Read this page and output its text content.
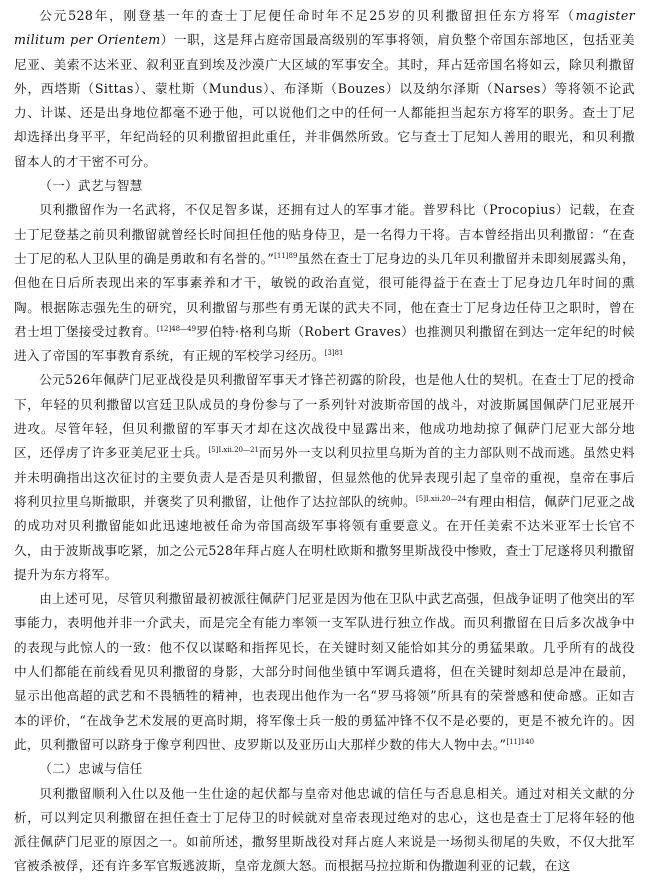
公元528年，刚登基一年的查士丁尼便任命时年不足25岁的贝利撒留担任东方将军（magister militum per Orientem）一职，这是拜占庭帝国最高级别的军事将领，肩负整个帝国东部地区，包括亚美尼亚、美索不达米亚、叙利亚直到埃及沙漠广大区域的军事安全。其时，拜占廷帝国名将如云，除贝利撒留外，西塔斯（Sittas）、蒙杜斯（Mundus）、布泽斯（Bouzes）以及纳尔泽斯（Narses）等将领不论武力、计谋、还是出身地位都毫不逊于他，可以说他们之中的任何一人都能担当起东方将军的职务。查士丁尼却选择出身平平，年纪尚轻的贝利撒留担此重任，并非偶然所致。它与查士丁尼知人善用的眼光，和贝利撒留本人的才干密不可分。

（一）武艺与智慧

贝利撒留作为一名武将，不仅足智多谋，还拥有过人的军事才能。普罗科比（Procopius）记载，在查士丁尼登基之前贝利撒留就曾经长时间担任他的贴身侍卫，是一名得力干将。吉本曾经指出贝利撒留：“在查士丁尼的私人卫队里的确是勇敢和有名誉的。”$^{[11]89}$虽然在查士丁尼身边的头几年贝利撒留并未即刻展露头角，但他在日后所表现出来的军事素养和才干，敏锐的政治直觉，很可能得益于在查士丁尼身边几年时间的熏陶。根据陈志强先生的研究，贝利撒留与那些有勇无谋的武夫不同，他在查士丁尼身边任侍卫之职时，曾在君士坦丁堡接受过教育。$^{[12]48—49}$罗伯特·格利乌斯（Robert Graves）也推测贝利撒留在到达一定年纪的时候进入了帝国的军事教育系统，有正规的军校学习经历。$^{[3]81}$

公元526年佩萨门尼亚战役是贝利撒留军事天才锋芒初露的阶段，也是他人仕的契机。在查士丁尼的授命下，年轻的贝利撒留以宫廷卫队成员的身份参与了一系列针对波斯帝国的战斗，对波斯属国佩萨门尼亚展开进攻。尽管年轻，但贝利撒留的军事天才却在这次战役中显露出来，他成功地劫掠了佩萨门尼亚大部分地区，还俘虏了许多亚美尼亚士兵。$^{[5]I.xii.20—21}$而另外一支以利贝拉里乌斯为首的主力部队则不战而逃。虽然史料并未明确指出这次征讨的主要负责人是否是贝利撒留，但显然他的优异表现引起了皇帝的重视，皇帝在事后将利贝拉里乌斯撤职，并褒奖了贝利撒留，让他作了达拉部队的统帅。$^{[5]I.xii.20—24}$有理由相信，佩萨门尼亚之战的成功对贝利撒留能如此迅速地被任命为帝国高级军事将领有重要意义。在开任美索不达米亚军士长官不久，由于波斯战事吃紧，加之公元528年拜占庭人在明杜欧斯和撒努里斯战役中惨败，查士丁尼遂将贝利撒留提升为东方将军。

由上述可见，尽管贝利撒留最初被派往佩萨门尼亚是因为他在卫队中武艺高强，但战争证明了他突出的军事能力，表明他并非一介武夫，而是完全有能力率领一支军队进行独立作战。而贝利撒留在日后多次战争中的表现与此惊人的一致：他不仅以谋略和指挥见长，在关键时刻又能恰如其分的勇猛果敢。几乎所有的战役中人们都能在前线看见贝利撒留的身影，大部分时间他坐镇中军调兵遣将，但在关键时刻却总是冲在最前，显示出他高超的武艺和不畏牺牲的精神，也表现出他作为一名“罗马将领”所具有的荣誉感和使命感。正如吉本的评价，“在战争艺术发展的更高时期，将军像士兵一般的勇猛冲锋不仅不是必要的，更是不被允许的。因此，贝利撒留可以跻身于像亨利四世、皮罗斯以及亚历山大那样少数的伟大人物中去。”$^{[11]140}$

（二）忠诚与信任

贝利撒留顺利入仕以及他一生仕途的起伏都与皇帝对他忠诚的信任与否息息相关。通过对相关文献的分析，可以判定贝利撒留在担任查士丁尼侍卫的时候就对皇帝表现过绝对的忠心，这也是查士丁尼将年轻的他派往佩萨门尼亚的原因之一。如前所述，撒努里斯战役对拜占庭人来说是一场彻头彻尾的失败，不仅大批军官被杀被俘，还有许多军官叛逃波斯，皇帝龙颜大怒。而根据马拉拉斯和伪撒迦利亚的记载，在这
